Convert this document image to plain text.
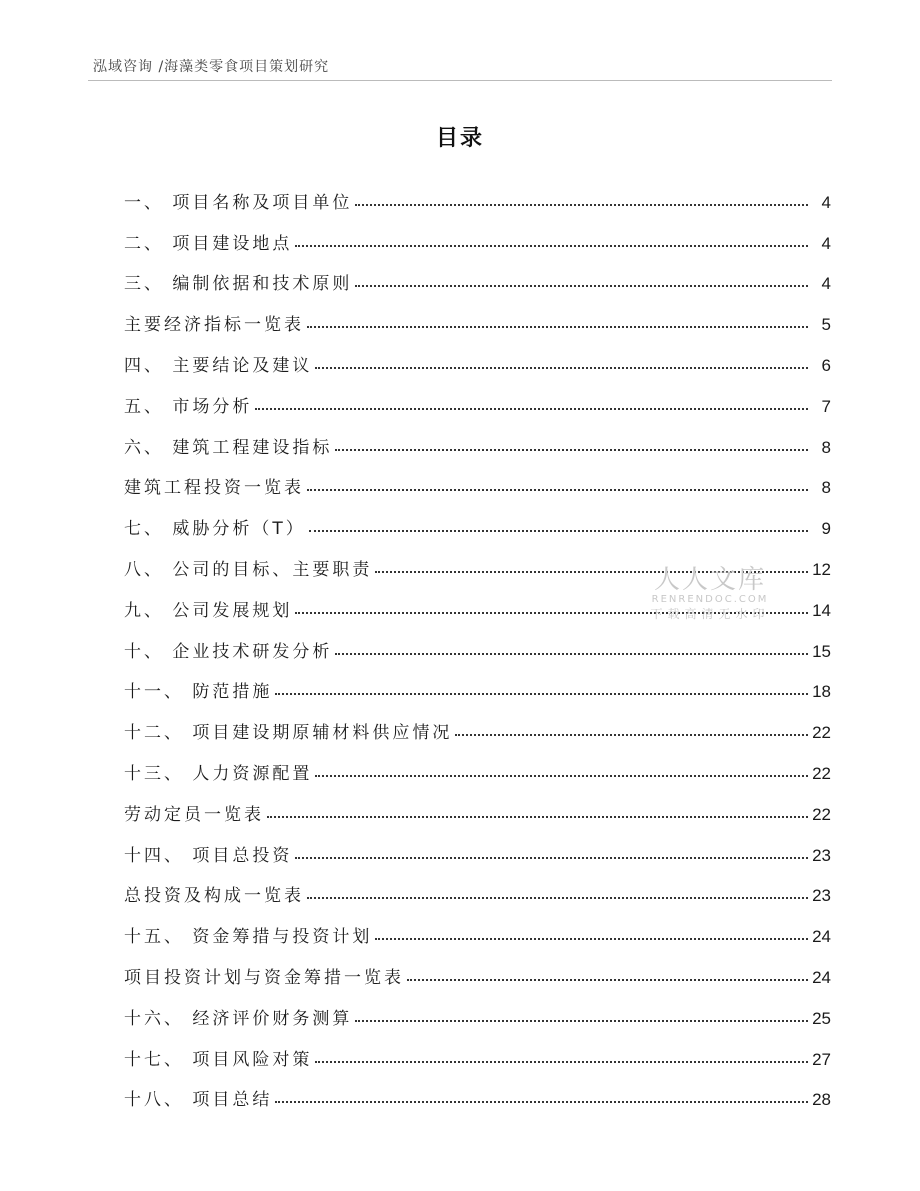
泓域咨询 /海藻类零食项目策划研究
目录
一、 项目名称及项目单位	4
二、 项目建设地点	4
三、 编制依据和技术原则	4
主要经济指标一览表	5
四、 主要结论及建议	6
五、 市场分析	7
六、 建筑工程建设指标	8
建筑工程投资一览表	8
七、 威胁分析（T）	9
八、 公司的目标、主要职责	12
九、 公司发展规划	14
十、 企业技术研发分析	15
十一、 防范措施	18
十二、 项目建设期原辅材料供应情况	22
十三、 人力资源配置	22
劳动定员一览表	22
十四、 项目总投资	23
总投资及构成一览表	23
十五、 资金筹措与投资计划	24
项目投资计划与资金筹措一览表	24
十六、 经济评价财务测算	25
十七、 项目风险对策	27
十八、 项目总结	28
人人文库
RENRENDOC.COM
下载高清无水印
